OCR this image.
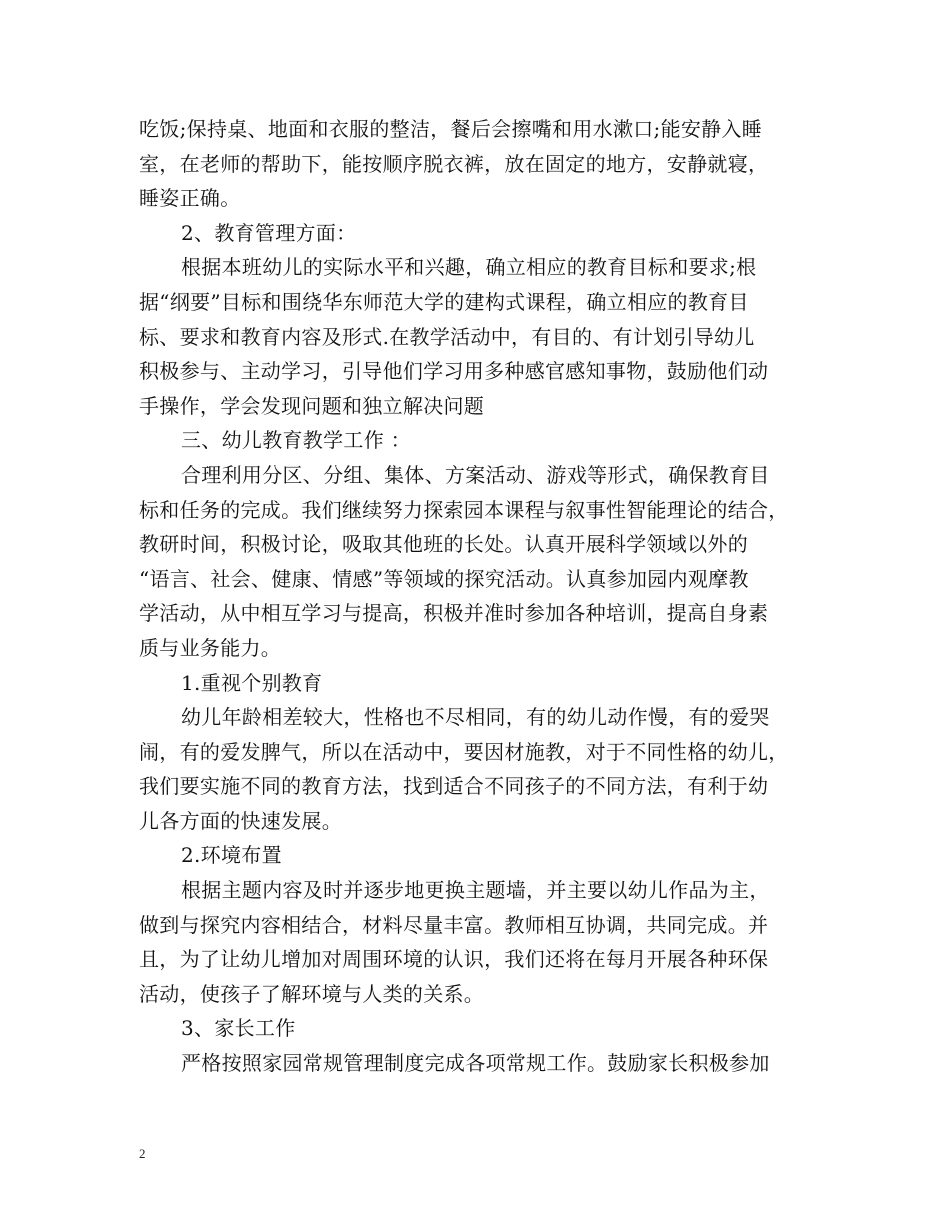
吃饭;保持桌、地面和衣服的整洁，餐后会擦嘴和用水漱口;能安静入睡
室，在老师的帮助下，能按顺序脱衣裤，放在固定的地方，安静就寝，
睡姿正确。
2、教育管理方面：
根据本班幼儿的实际水平和兴趣，确立相应的教育目标和要求;根
据“纲要”目标和围绕华东师范大学的建构式课程，确立相应的教育目
标、要求和教育内容及形式.在教学活动中，有目的、有计划引导幼儿
积极参与、主动学习，引导他们学习用多种感官感知事物，鼓励他们动
手操作，学会发现问题和独立解决问题
三、幼儿教育教学工作 ：
合理利用分区、分组、集体、方案活动、游戏等形式，确保教育目
标和任务的完成。我们继续努力探索园本课程与叙事性智能理论的结合，
教研时间，积极讨论，吸取其他班的长处。认真开展科学领域以外的
“语言、社会、健康、情感”等领域的探究活动。认真参加园内观摩教
学活动，从中相互学习与提高，积极并准时参加各种培训，提高自身素
质与业务能力。
1.重视个别教育
幼儿年龄相差较大，性格也不尽相同，有的幼儿动作慢，有的爱哭
闹，有的爱发脾气，所以在活动中，要因材施教，对于不同性格的幼儿，
我们要实施不同的教育方法，找到适合不同孩子的不同方法，有利于幼
儿各方面的快速发展。
2.环境布置
根据主题内容及时并逐步地更换主题墙，并主要以幼儿作品为主，
做到与探究内容相结合，材料尽量丰富。教师相互协调，共同完成。并
且，为了让幼儿增加对周围环境的认识，我们还将在每月开展各种环保
活动，使孩子了解环境与人类的关系。
3、家长工作
严格按照家园常规管理制度完成各项常规工作。鼓励家长积极参加
2
